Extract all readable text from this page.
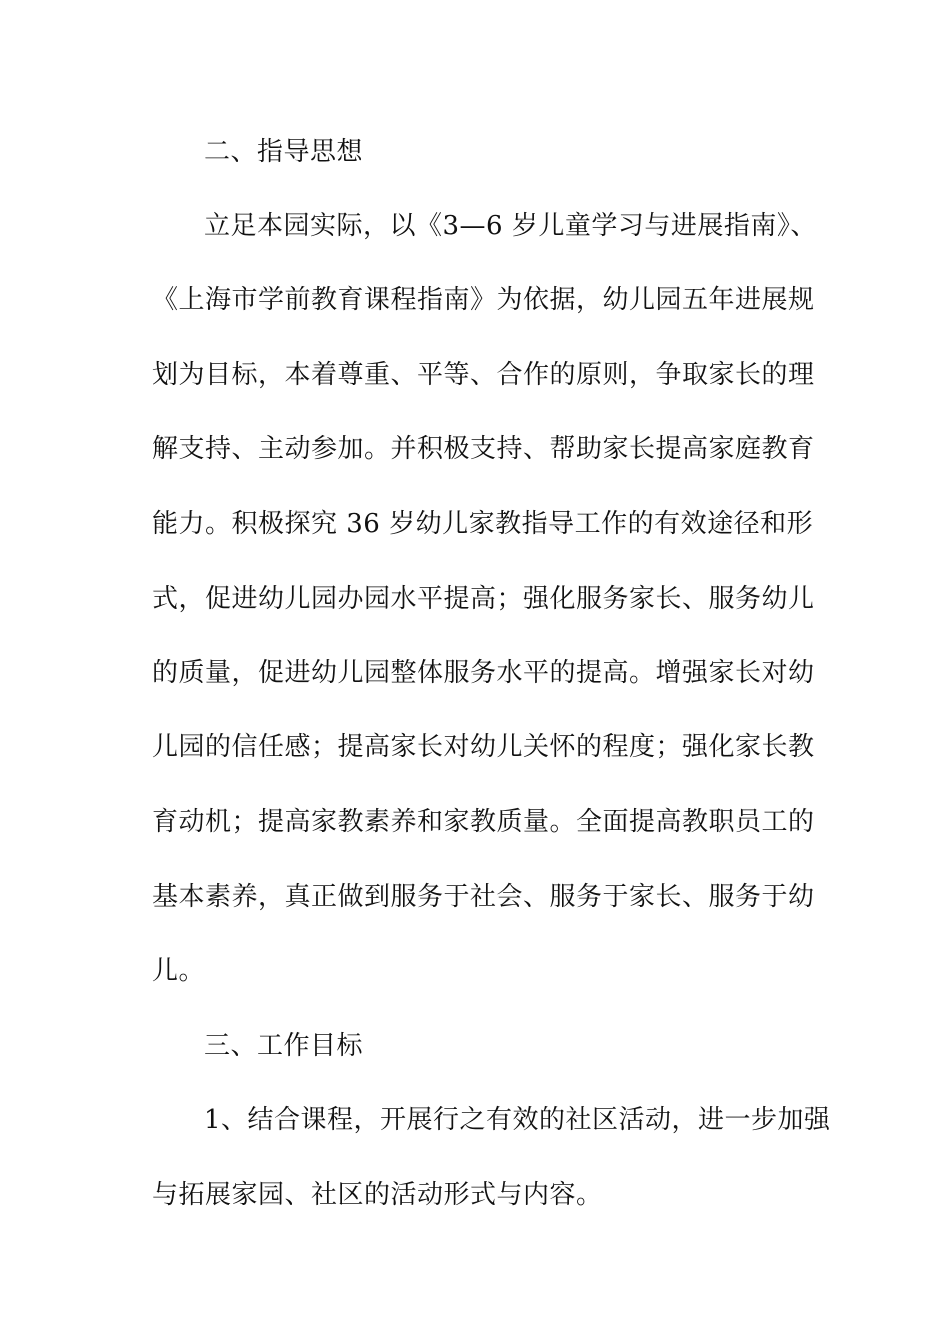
二、指导思想
立足本园实际，以《3—6 岁儿童学习与进展指南》、
《上海市学前教育课程指南》为依据，幼儿园五年进展规
划为目标，本着尊重、平等、合作的原则，争取家长的理
解支持、主动参加。并积极支持、帮助家长提高家庭教育
能力。积极探究 36 岁幼儿家教指导工作的有效途径和形
式，促进幼儿园办园水平提高；强化服务家长、服务幼儿
的质量，促进幼儿园整体服务水平的提高。增强家长对幼
儿园的信任感；提高家长对幼儿关怀的程度；强化家长教
育动机；提高家教素养和家教质量。全面提高教职员工的
基本素养，真正做到服务于社会、服务于家长、服务于幼
儿。
三、工作目标
1、结合课程，开展行之有效的社区活动，进一步加强
与拓展家园、社区的活动形式与内容。
